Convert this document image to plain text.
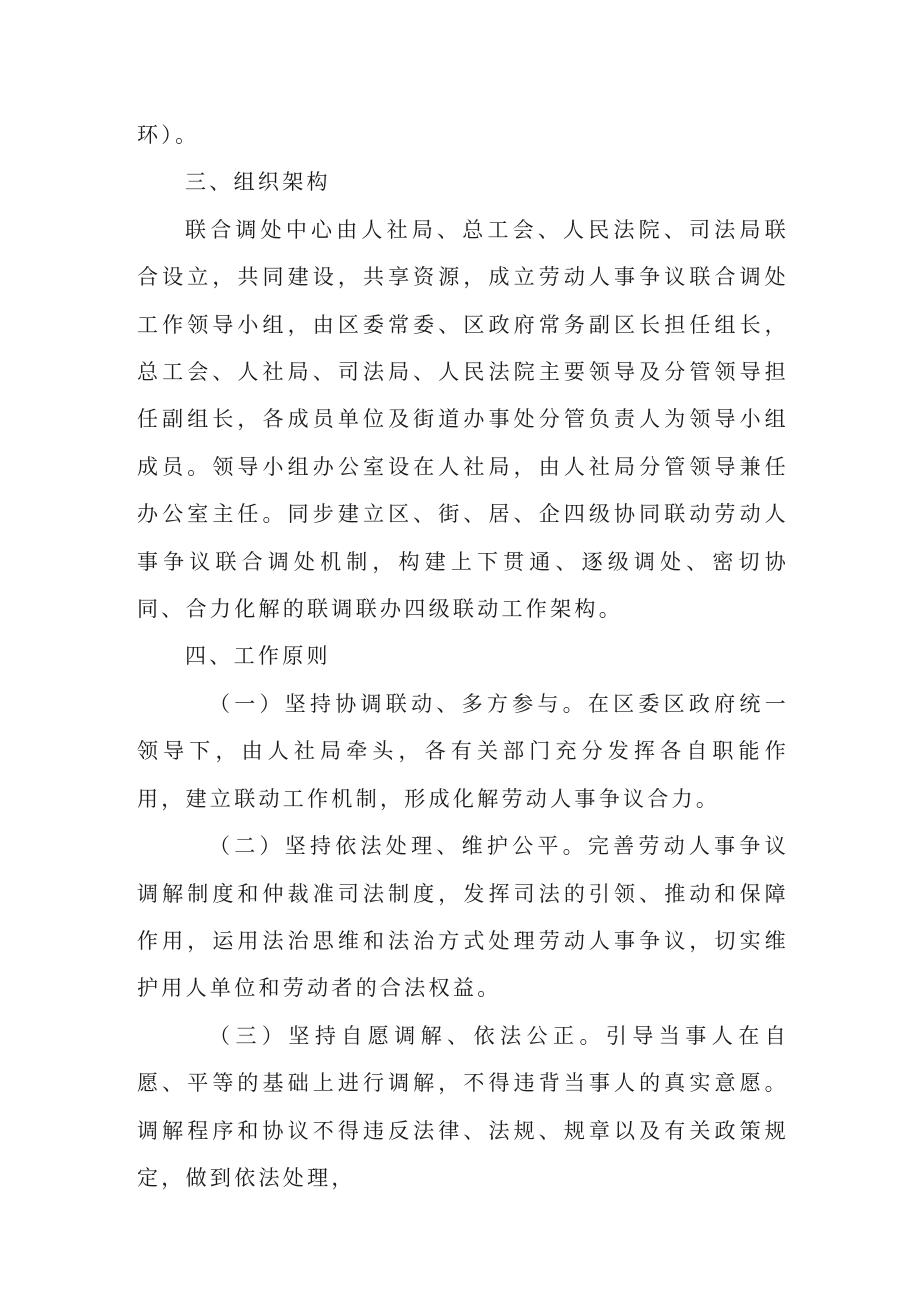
环）。

三、组织架构

联合调处中心由人社局、总工会、人民法院、司法局联合设立，共同建设，共享资源，成立劳动人事争议联合调处工作领导小组，由区委常委、区政府常务副区长担任组长，总工会、人社局、司法局、人民法院主要领导及分管领导担任副组长，各成员单位及街道办事处分管负责人为领导小组成员。领导小组办公室设在人社局，由人社局分管领导兼任办公室主任。同步建立区、街、居、企四级协同联动劳动人事争议联合调处机制，构建上下贯通、逐级调处、密切协同、合力化解的联调联办四级联动工作架构。

四、工作原则

（一）坚持协调联动、多方参与。在区委区政府统一领导下，由人社局牵头，各有关部门充分发挥各自职能作用，建立联动工作机制，形成化解劳动人事争议合力。

（二）坚持依法处理、维护公平。完善劳动人事争议调解制度和仲裁准司法制度，发挥司法的引领、推动和保障作用，运用法治思维和法治方式处理劳动人事争议，切实维护用人单位和劳动者的合法权益。

（三）坚持自愿调解、依法公正。引导当事人在自愿、平等的基础上进行调解，不得违背当事人的真实意愿。调解程序和协议不得违反法律、法规、规章以及有关政策规定，做到依法处理，
